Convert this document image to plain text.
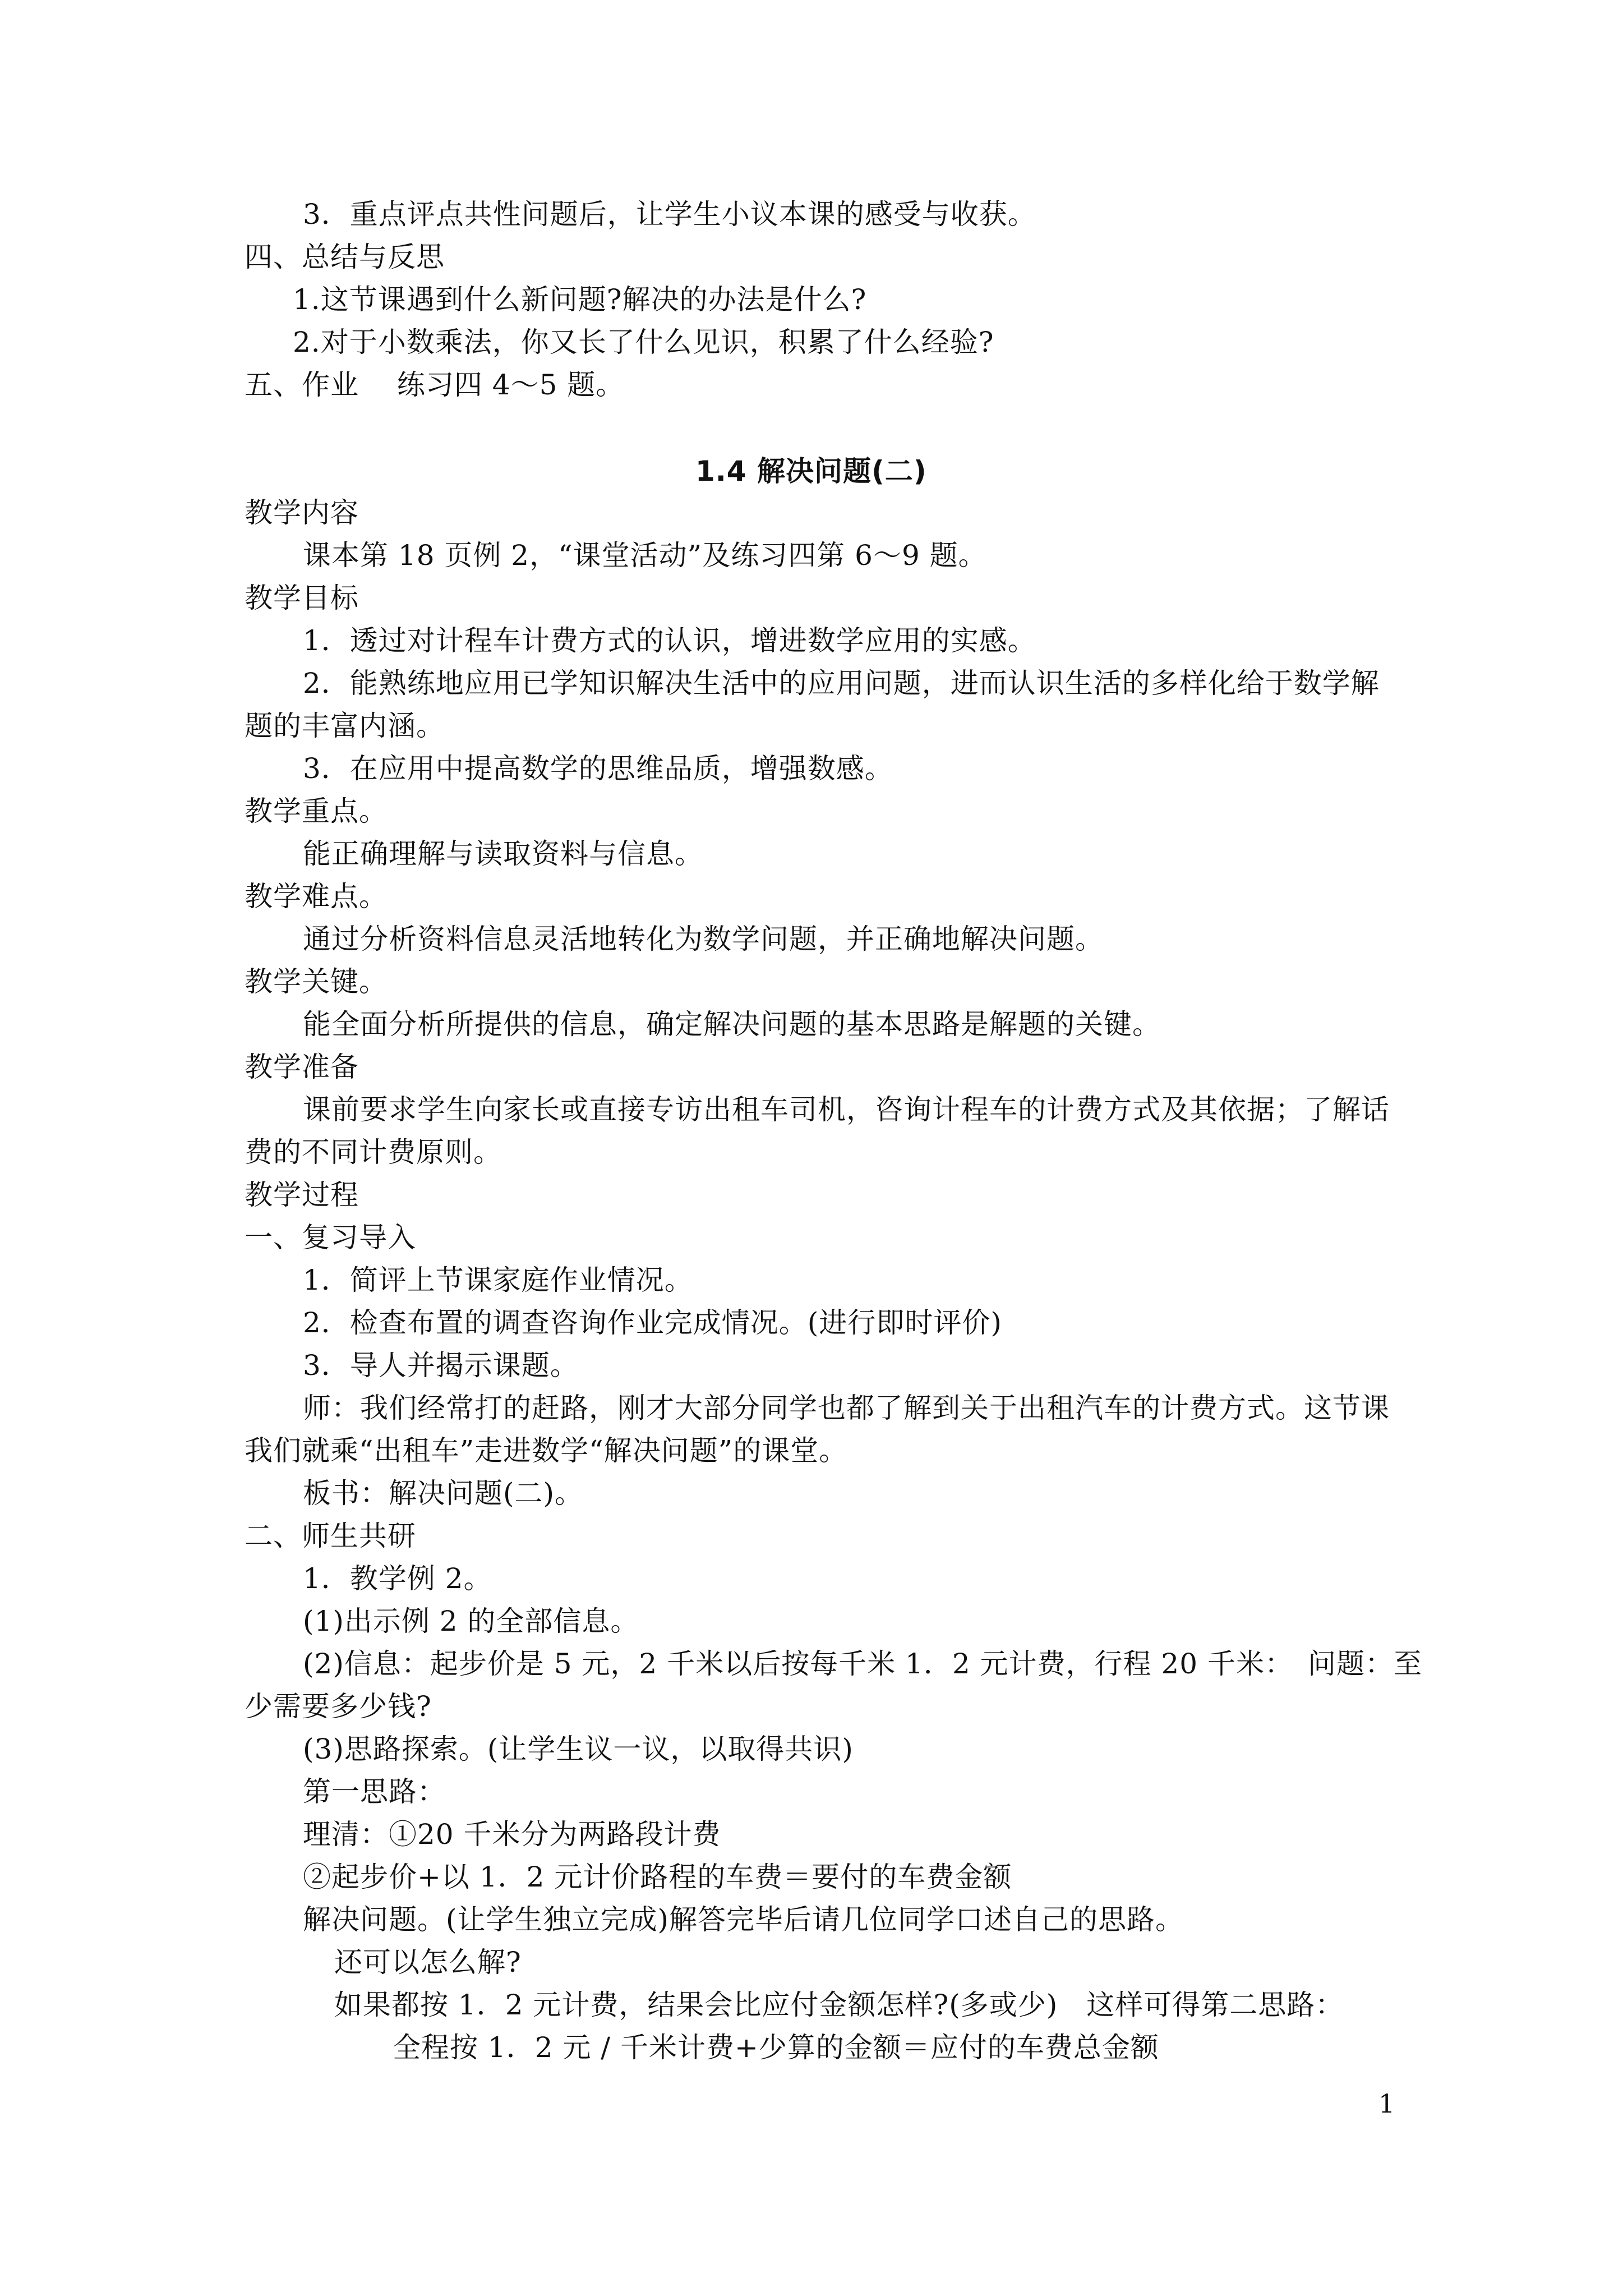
3．重点评点共性问题后，让学生小议本课的感受与收获。
四、总结与反思
1.这节课遇到什么新问题?解决的办法是什么?
2.对于小数乘法，你又长了什么见识，积累了什么经验?
五、作业　 练习四 4～5 题。
1.4 解决问题(二)
教学内容
课本第 18 页例 2，“课堂活动”及练习四第 6～9 题。
教学目标
1．透过对计程车计费方式的认识，增进数学应用的实感。
2．能熟练地应用已学知识解决生活中的应用问题，进而认识生活的多样化给于数学解
题的丰富内涵。
3．在应用中提高数学的思维品质，增强数感。
教学重点。
能正确理解与读取资料与信息。
教学难点。
通过分析资料信息灵活地转化为数学问题，并正确地解决问题。
教学关键。
能全面分析所提供的信息，确定解决问题的基本思路是解题的关键。
教学准备
课前要求学生向家长或直接专访出租车司机，咨询计程车的计费方式及其依据；了解话
费的不同计费原则。
教学过程
一、复习导入
1．简评上节课家庭作业情况。
2．检查布置的调查咨询作业完成情况。(进行即时评价)
3．导人并揭示课题。
师：我们经常打的赶路，刚才大部分同学也都了解到关于出租汽车的计费方式。这节课
我们就乘“出租车”走进数学“解决问题”的课堂。
板书：解决问题(二)。
二、师生共研
1．教学例 2。
(1)出示例 2 的全部信息。
(2)信息：起步价是 5 元，2 千米以后按每千米 1．2 元计费，行程 20 千米：　问题：至
少需要多少钱?
(3)思路探索。(让学生议一议，以取得共识)
第一思路：
理清：①20 千米分为两路段计费
②起步价+以 1．2 元计价路程的车费＝要付的车费金额
解决问题。(让学生独立完成)解答完毕后请几位同学口述自己的思路。
还可以怎么解?
如果都按 1．2 元计费，结果会比应付金额怎样?(多或少)　这样可得第二思路：
全程按 1．2 元 / 千米计费+少算的金额＝应付的车费总金额
1
